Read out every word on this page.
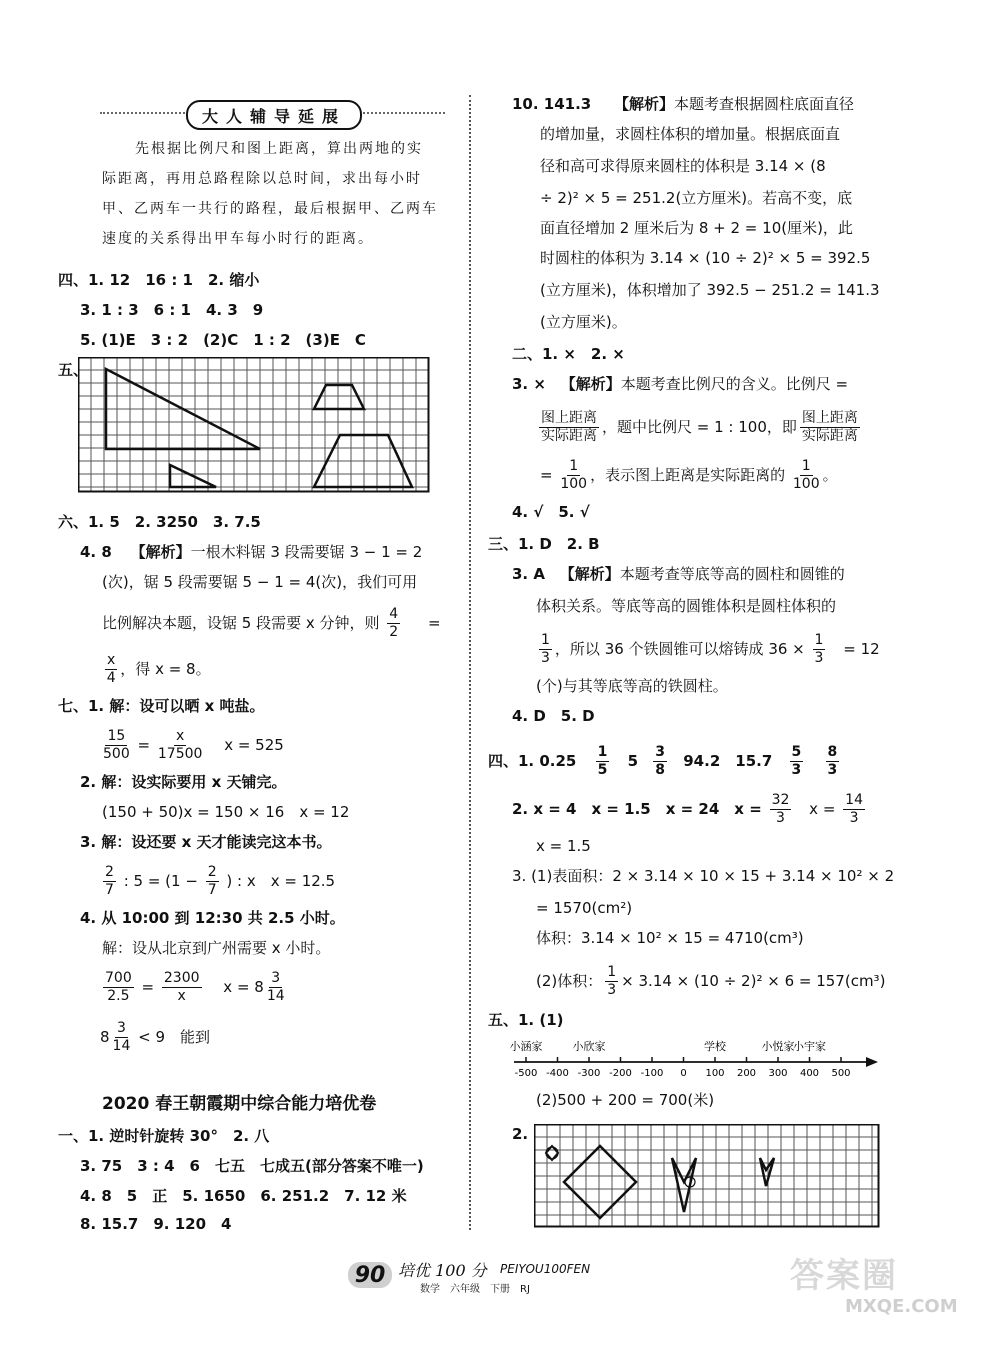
大人辅导延展
先根据比例尺和图上距离，算出两地的实
际距离，再用总路程除以总时间，求出每小时
甲、乙两车一共行的路程，最后根据甲、乙两车
速度的关系得出甲车每小时行的距离。
四、1. 12　16 : 1　2. 缩小
3. 1 : 3　6 : 1　4. 3　9
5. (1)E　3 : 2　(2)C　1 : 2　(3)E　C
五、
六、1. 5　2. 3250　3. 7.5
4. 8 【解析】一根木料锯 3 段需要锯 3 − 1 = 2
(次)，锯 5 段需要锯 5 − 1 = 4(次)，我们可用
比例解决本题，设锯 5 段需要 x 分钟，则 $\frac{4}{2}$ =
$\frac{x}{4}$ ，得 x = 8。
七、1. 解：设可以晒 x 吨盐。
$\frac{15}{500} = \frac{x}{17500}$ x = 525
2. 解：设实际要用 x 天铺完。
(150 + 50)x = 150 × 16　x = 12
3. 解：设还要 x 天才能读完这本书。
$\frac{2}{7}$ : $5 = (1 - \frac{2}{7}$ ) : x　x = 12.5
4. 从 10:00 到 12:30 共 2.5 小时。
解：设从北京到广州需要 x 小时。
$\frac{700}{2.5} = \frac{2300}{x}$ $x = 8 \frac{3}{14}$
$8 \frac{3}{14} < 9$　能到
2020 春王朝霞期中综合能力培优卷
一、1. 逆时针旋转 30°　2. 八
3. 75　3 : 4　6　七五　七成五(部分答案不唯一)
4. 8　5　正　5. 1650　6. 251.2　7. 12 米
8. 15.7　9. 120　4
10. 141.3 【解析】本题考查根据圆柱底面直径
的增加量，求圆柱体积的增加量。根据底面直
径和高可求得原来圆柱的体积是 3.14 × (8
÷ 2)² × 5 = 251.2(立方厘米)。若高不变，底
面直径增加 2 厘米后为 8 + 2 = 10(厘米)，此
时圆柱的体积为 3.14 × (10 ÷ 2)² × 5 = 392.5
(立方厘米)，体积增加了 392.5 − 251.2 = 141.3
(立方厘米)。
二、1. ×　2. ×
3. × 【解析】本题考查比例尺的含义。比例尺 =
$\frac{\text{图上距离}}{\text{实际距离}}$ ，题中比例尺 = 1 : 100，即 $\frac{\text{图上距离}}{\text{实际距离}}$
= $\frac{1}{100}$ ，表示图上距离是实际距离的 $\frac{1}{100}$ 。
4. √　5. √
三、1. D　2. B
3. A 【解析】本题考查等底等高的圆柱和圆锥的
体积关系。等底等高的圆锥体积是圆柱体积的
$\frac{1}{3}$ ，所以 36 个铁圆锥可以熔铸成 $36 \times \frac{1}{3} = 12$
(个)与其等底等高的铁圆柱。
4. D　5. D
四、1. $0.25 \frac{1}{5} 5 \frac{3}{8} 94.2$　$15.7 \frac{5}{3}$
$\frac{8}{3}$
2. x = 4　x = 1.5　x = 24　$x = \frac{32}{3}$ $x = \frac{14}{3}$
x = 1.5
3. (1)表面积：2 × 3.14 × 10 × 15 + 3.14 × 10² × 2
= 1570(cm²)
体积：3.14 × 10² × 15 = 4710(cm³)
(2)体积： $\frac{1}{3} \times 3.14 \times (10 \div 2)^2 \times 6 = 157(cm^3)$
五、1. (1)
-500 -400 -300 -200 -100 0 100 200 300 400 500
小涵家	小欣家	学校	小悦家
小宇家
(2)500 + 200 = 700(米)
2.
90 培优 100 分 PEIYOU100FEN
数学　六年级　下册　RJ	答案圈
MXQE.COM
